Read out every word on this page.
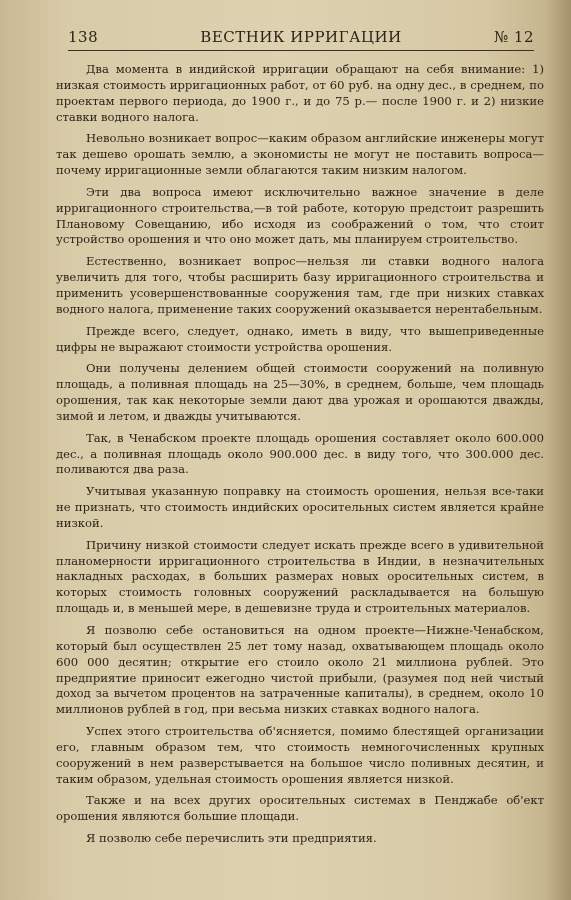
138	ВЕСТНИК ИРРИГАЦИИ	№ 12

Два момента в индийской ирригации обращают на себя внимание: 1) низкая стоимость ирригационных работ, от 60 руб. на одну дес., в среднем, по проектам первого периода, до 1900 г., и до 75 р.— после 1900 г. и 2) низкие ставки водного налога.

Невольно возникает вопрос—каким образом английские инженеры могут так дешево орошать землю, а экономисты не могут не поставить вопроса—почему ирригационные земли облагаются таким низким налогом.

Эти два вопроса имеют исключительно важное значение в деле ирригационного строительства,—в той работе, которую предстоит разрешить Плановому Совещанию, ибо исходя из соображений о том, что стоит устройство орошения и что оно может дать, мы планируем строительство.

Естественно, возникает вопрос—нельзя ли ставки водного налога увеличить для того, чтобы расширить базу ирригационного строительства и применить усовершенствованные сооружения там, где при низких ставках водного налога, применение таких сооружений оказывается нерентабельным.

Прежде всего, следует, однако, иметь в виду, что вышеприведенные цифры не выражают стоимости устройства орошения.

Они получены делением общей стоимости сооружений на поливную площадь, а поливная площадь на 25—30%, в среднем, больше, чем площадь орошения, так как некоторые земли дают два урожая и орошаются дважды, зимой и летом, и дважды учитываются.

Так, в Ченабском проекте площадь орошения составляет около 600.000 дес., а поливная площадь около 900.000 дес. в виду того, что 300.000 дес. поливаются два раза.

Учитывая указанную поправку на стоимость орошения, нельзя все-таки не признать, что стоимость индийских оросительных систем является крайне низкой.

Причину низкой стоимости следует искать прежде всего в удивительной планомерности ирригационного строительства в Индии, в незначительных накладных расходах, в больших размерах новых оросительных систем, в которых стоимость головных сооружений раскладывается на большую площадь и, в меньшей мере, в дешевизне труда и строительных материалов.

Я позволю себе остановиться на одном проекте—Нижне-Ченабском, который был осуществлен 25 лет тому назад, охватывающем площадь около 600 000 десятин; открытие его стоило около 21 миллиона рублей. Это предприятие приносит ежегодно чистой прибыли, (разумея под ней чистый доход за вычетом процентов на затраченные капиталы), в среднем, около 10 миллионов рублей в год, при весьма низких ставках водного налога.

Успех этого строительства об'ясняется, помимо блестящей организации его, главным образом тем, что стоимость немногочисленных крупных сооружений в нем разверстывается на большое число поливных десятин, и таким образом, удельная стоимость орошения является низкой.

Также и на всех других оросительных системах в Пенджабе об'ект орошения являются большие площади.

Я позволю себе перечислить эти предприятия.
